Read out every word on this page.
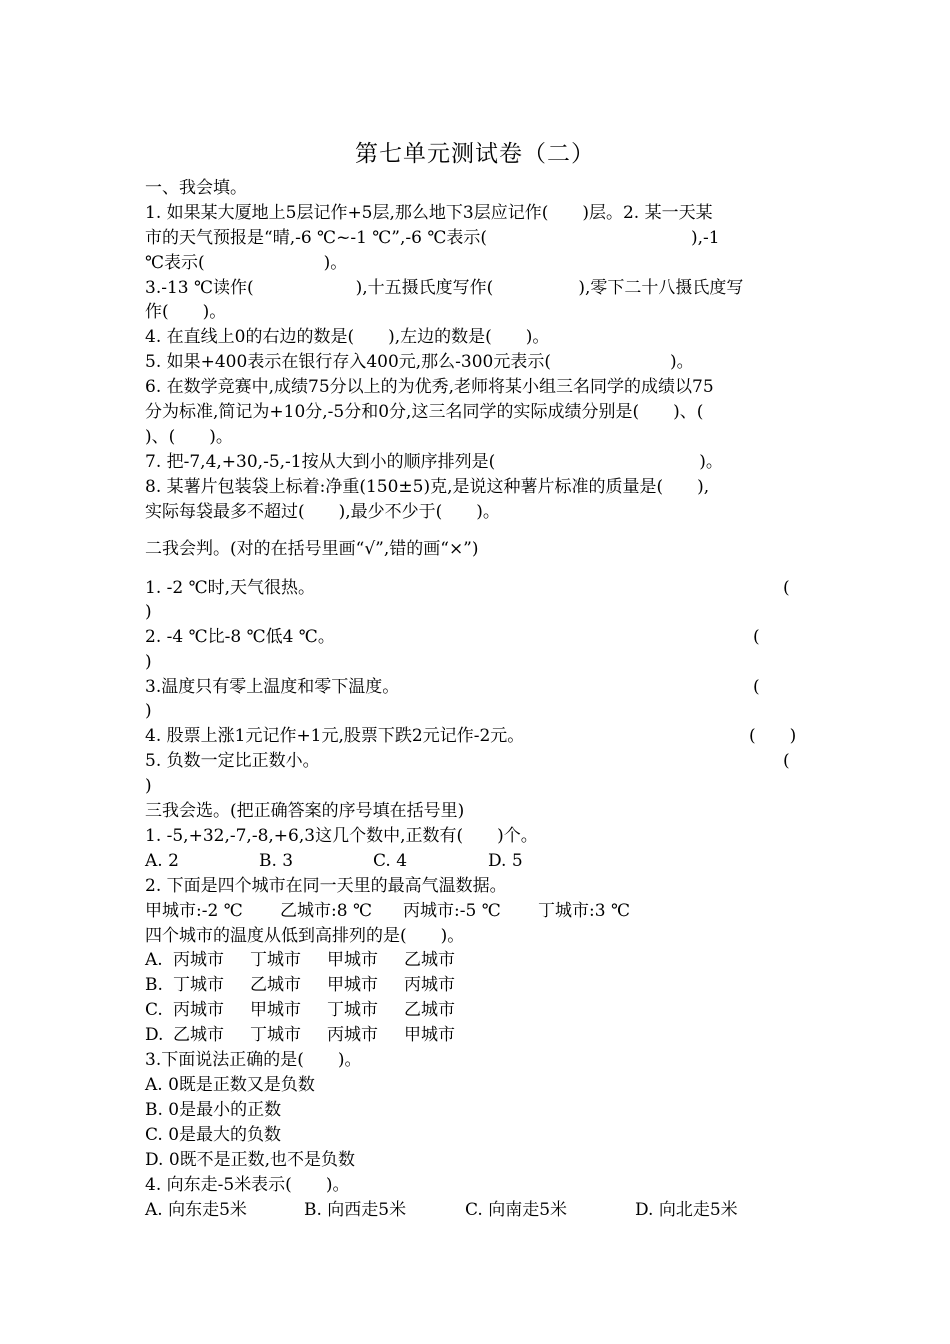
第七单元测试卷（二）
一、我会填。
1. 如果某大厦地上5层记作+5层,那么地下3层应记作(　　)层。2. 某一天某
市的天气预报是“晴,-6 ℃~-1 ℃”,-6 ℃表示(　　　　　　　　　　　　),-1
℃表示(　　　　　　　)。
3.-13 ℃读作(　　　　　　),十五摄氏度写作(　　　　　),零下二十八摄氏度写
作(　　)。
4. 在直线上0的右边的数是(　　),左边的数是(　　)。
5. 如果+400表示在银行存入400元,那么-300元表示(　　　　　　　)。
6. 在数学竞赛中,成绩75分以上的为优秀,老师将某小组三名同学的成绩以75
分为标准,简记为+10分,-5分和0分,这三名同学的实际成绩分别是(　　)、(
)、(　　)。
7. 把-7,4,+30,-5,-1按从大到小的顺序排列是(　　　　　　　　　　　　)。
8. 某薯片包装袋上标着:净重(150±5)克,是说这种薯片标准的质量是(　　),
实际每袋最多不超过(　　),最少不少于(　　)。
二我会判。(对的在括号里画“√”,错的画“×”)
1. -2 ℃时,天气很热。	(
)
2. -4 ℃比-8 ℃低4 ℃。	(
)
3.温度只有零上温度和零下温度。	(
)
4. 股票上涨1元记作+1元,股票下跌2元记作-2元。	(　　)
5. 负数一定比正数小。	(
)
三我会选。(把正确答案的序号填在括号里)
1. -5,+32,-7,-8,+6,3这几个数中,正数有(　　)个。
A. 2	B. 3	C. 4	D. 5
2. 下面是四个城市在同一天里的最高气温数据。
甲城市:-2 ℃ 乙城市:8 ℃ 丙城市:-5 ℃ 丁城市:3 ℃
四个城市的温度从低到高排列的是(　　)。
A. 丙城市 丁城市 甲城市 乙城市
B. 丁城市 乙城市 甲城市 丙城市
C. 丙城市 甲城市 丁城市 乙城市
D. 乙城市 丁城市 丙城市 甲城市
3.下面说法正确的是(　　)。
A. 0既是正数又是负数
B. 0是最小的正数
C. 0是最大的负数
D. 0既不是正数,也不是负数
4. 向东走-5米表示(　　)。
A. 向东走5米	B. 向西走5米	C. 向南走5米	D. 向北走5米
